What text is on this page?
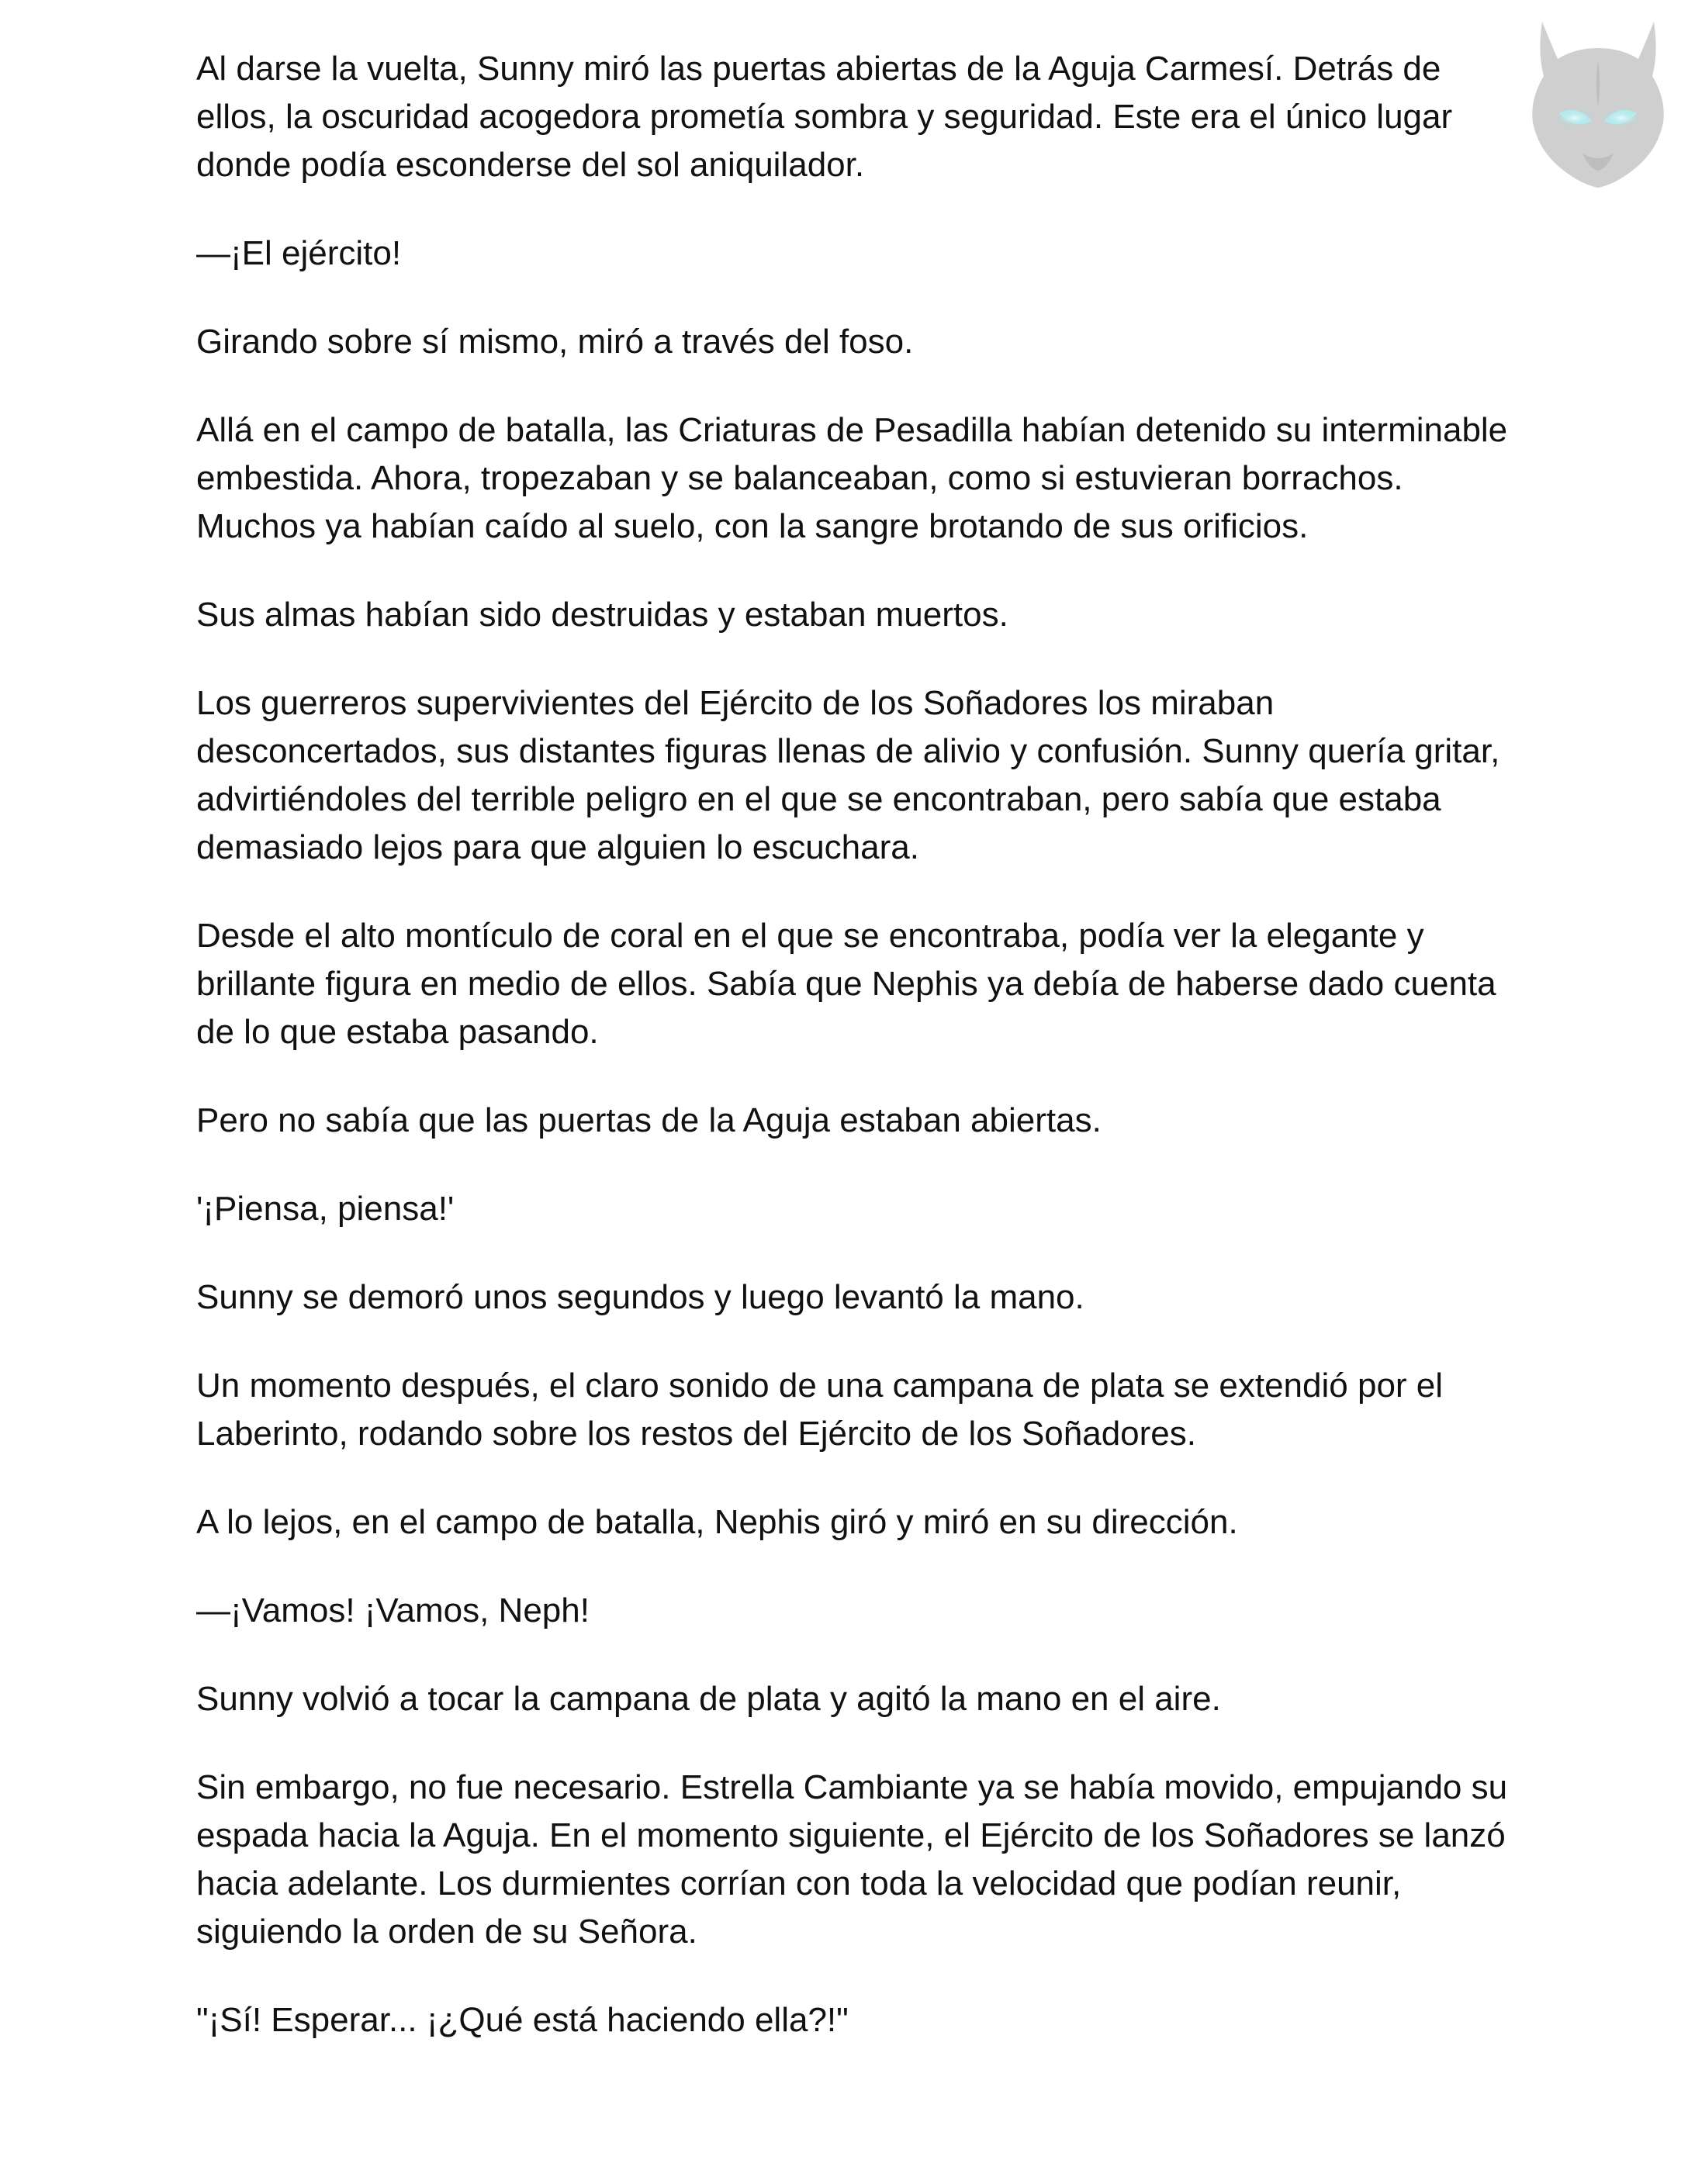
Al darse la vuelta, Sunny miró las puertas abiertas de la Aguja Carmesí. Detrás de ellos, la oscuridad acogedora prometía sombra y seguridad. Este era el único lugar donde podía esconderse del sol aniquilador.

—¡El ejército!

Girando sobre sí mismo, miró a través del foso.

Allá en el campo de batalla, las Criaturas de Pesadilla habían detenido su interminable embestida. Ahora, tropezaban y se balanceaban, como si estuvieran borrachos. Muchos ya habían caído al suelo, con la sangre brotando de sus orificios.

Sus almas habían sido destruidas y estaban muertos.

Los guerreros supervivientes del Ejército de los Soñadores los miraban desconcertados, sus distantes figuras llenas de alivio y confusión. Sunny quería gritar, advirtiéndoles del terrible peligro en el que se encontraban, pero sabía que estaba demasiado lejos para que alguien lo escuchara.

Desde el alto montículo de coral en el que se encontraba, podía ver la elegante y brillante figura en medio de ellos. Sabía que Nephis ya debía de haberse dado cuenta de lo que estaba pasando.

Pero no sabía que las puertas de la Aguja estaban abiertas.

'¡Piensa, piensa!'

Sunny se demoró unos segundos y luego levantó la mano.

Un momento después, el claro sonido de una campana de plata se extendió por el Laberinto, rodando sobre los restos del Ejército de los Soñadores.

A lo lejos, en el campo de batalla, Nephis giró y miró en su dirección.

—¡Vamos! ¡Vamos, Neph!

Sunny volvió a tocar la campana de plata y agitó la mano en el aire.

Sin embargo, no fue necesario. Estrella Cambiante ya se había movido, empujando su espada hacia la Aguja. En el momento siguiente, el Ejército de los Soñadores se lanzó hacia adelante. Los durmientes corrían con toda la velocidad que podían reunir, siguiendo la orden de su Señora.

"¡Sí! Esperar... ¡¿Qué está haciendo ella?!"
